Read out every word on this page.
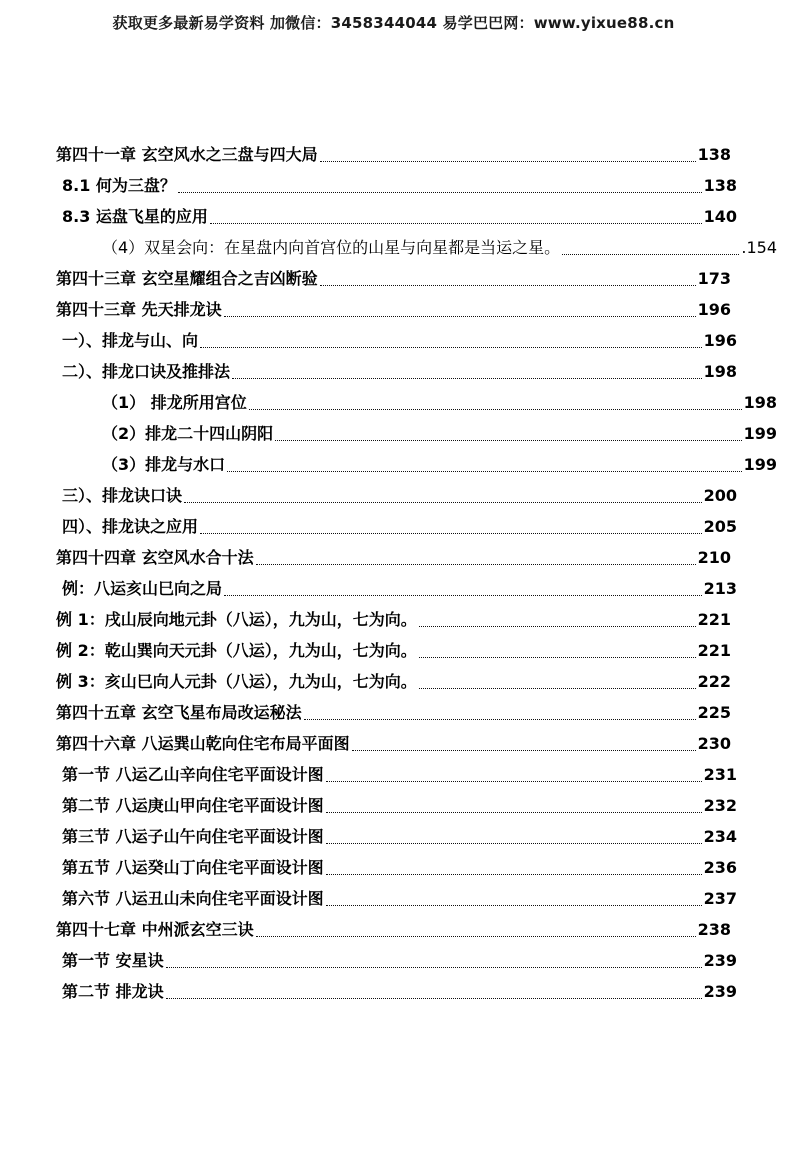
获取更多最新易学资料 加微信：3458344044 易学巴巴网：www.yixue88.cn
第四十一章 玄空风水之三盘与四大局	138
8.1 何为三盘？	138
8.3 运盘飞星的应用	140
（4）双星会向：在星盘内向首宫位的山星与向星都是当运之星。	.154
第四十三章 玄空星耀组合之吉凶断验	173
第四十三章 先天排龙诀	196
一）、排龙与山、向	196
二）、排龙口诀及推排法	198
（1） 排龙所用宫位	198
（2）排龙二十四山阴阳	199
（3）排龙与水口	199
三）、排龙诀口诀	200
四）、排龙诀之应用	205
第四十四章 玄空风水合十法	210
例：八运亥山巳向之局	213
例 1：戌山辰向地元卦（八运），九为山，七为向。	221
例 2：乾山巽向天元卦（八运），九为山，七为向。	221
例 3：亥山巳向人元卦（八运），九为山，七为向。	222
第四十五章 玄空飞星布局改运秘法	225
第四十六章 八运巽山乾向住宅布局平面图	230
第一节 八运乙山辛向住宅平面设计图	231
第二节 八运庚山甲向住宅平面设计图	232
第三节 八运子山午向住宅平面设计图	234
第五节 八运癸山丁向住宅平面设计图	236
第六节 八运丑山未向住宅平面设计图	237
第四十七章 中州派玄空三诀	238
第一节 安星诀	239
第二节 排龙诀	239
